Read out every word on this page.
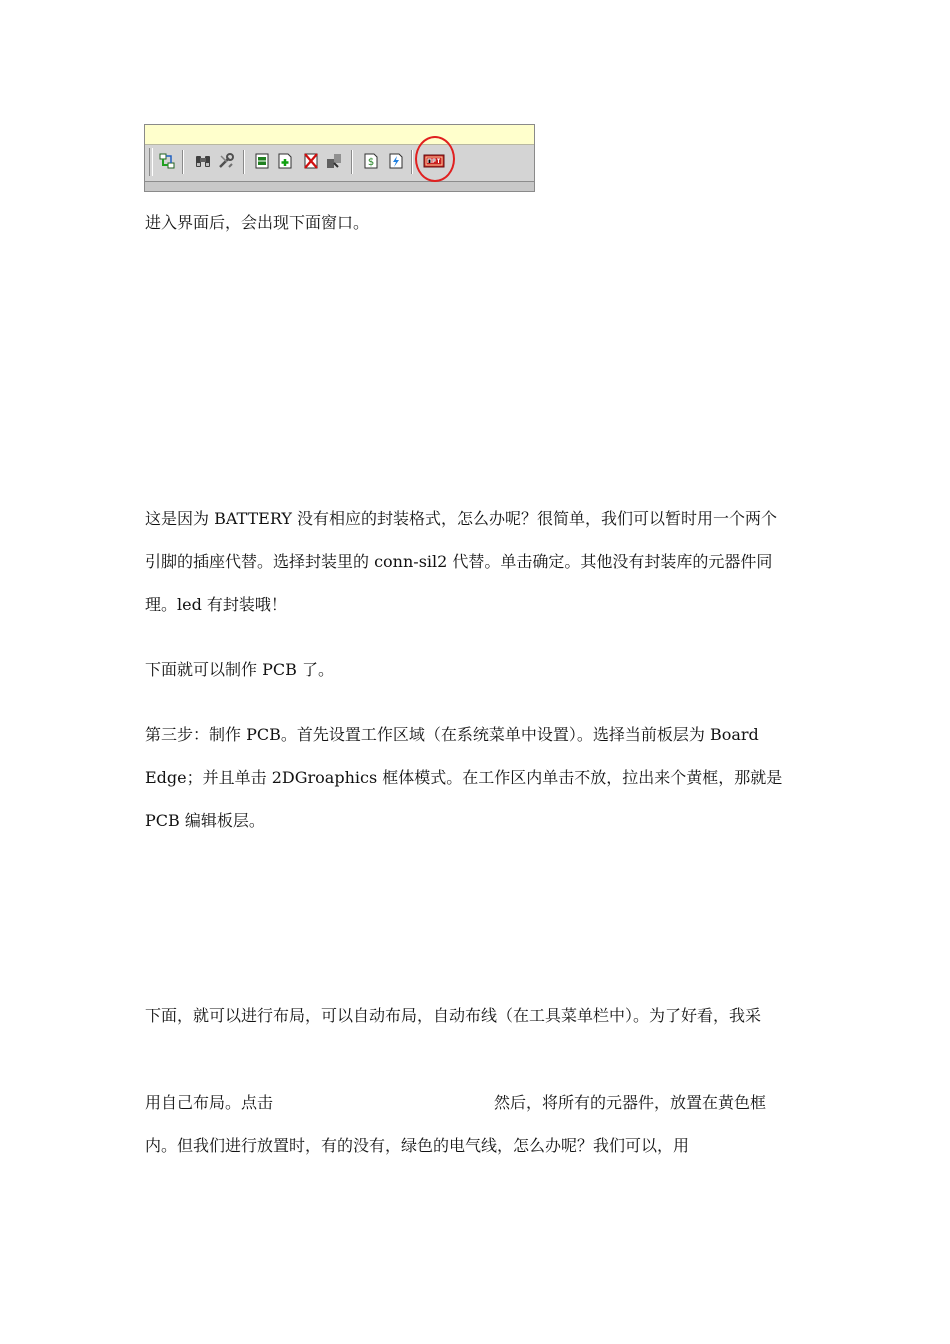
$

进入界面后，会出现下面窗口。

这是因为 BATTERY 没有相应的封装格式，怎么办呢？很简单，我们可以暂时用一个两个

引脚的插座代替。选择封装里的 conn-sil2 代替。单击确定。其他没有封装库的元器件同

理。led 有封装哦！

下面就可以制作 PCB 了。

第三步：制作 PCB。首先设置工作区域（在系统菜单中设置）。选择当前板层为 Board

Edge；并且单击 2DGroaphics 框体模式。在工作区内单击不放，拉出来个黄框，那就是

PCB 编辑板层。

下面，就可以进行布局，可以自动布局，自动布线（在工具菜单栏中）。为了好看，我采

用自己布局。点击	然后，将所有的元器件，放置在黄色框

内。但我们进行放置时，有的没有，绿色的电气线，怎么办呢？我们可以，用
